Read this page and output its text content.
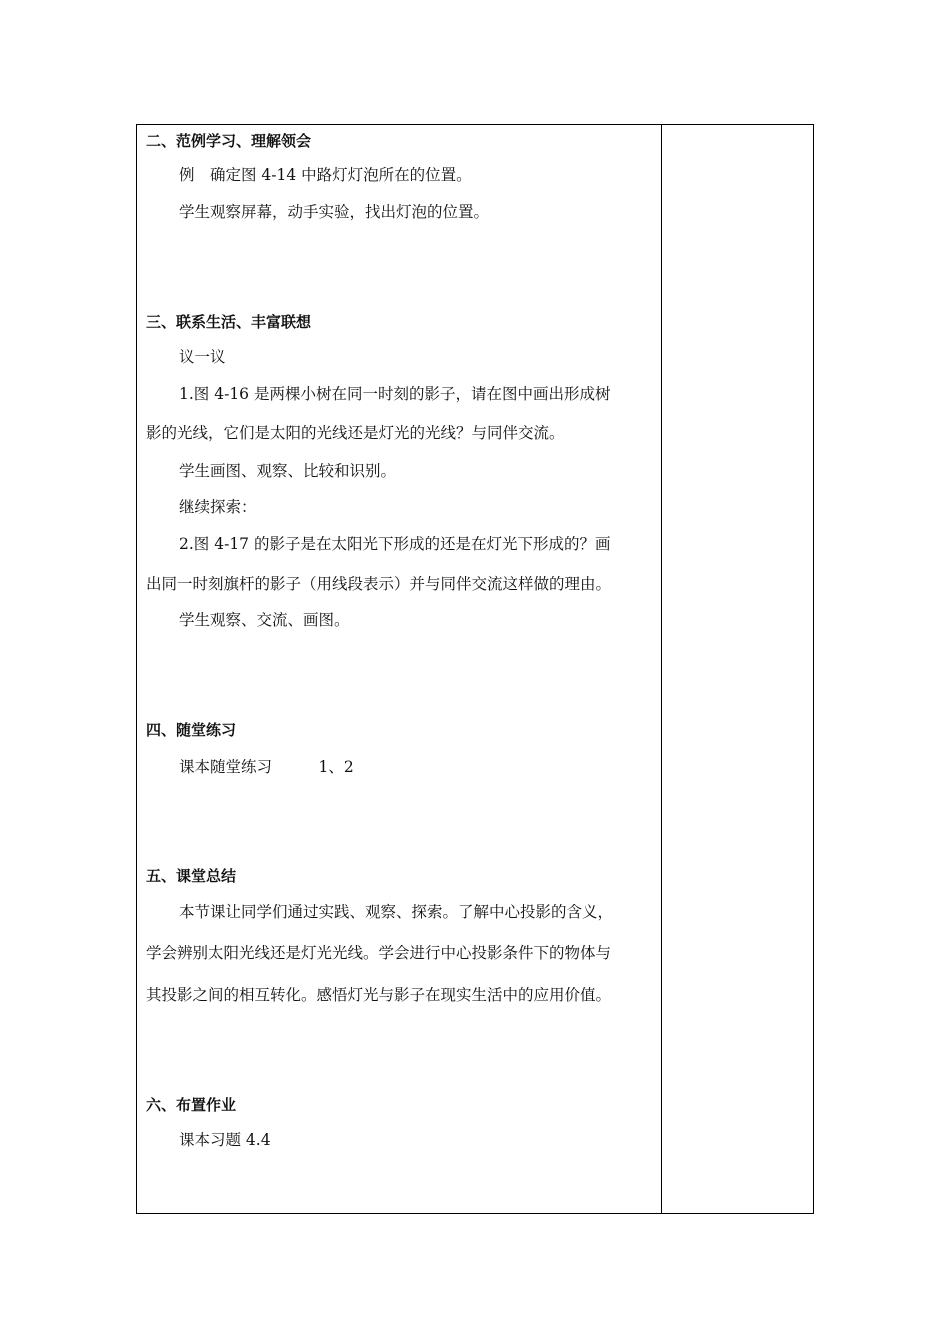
二、范例学习、理解领会
例　确定图 4-14 中路灯灯泡所在的位置。
学生观察屏幕，动手实验，找出灯泡的位置。
三、联系生活、丰富联想
议一议
1.图 4-16 是两棵小树在同一时刻的影子，请在图中画出形成树
影的光线，它们是太阳的光线还是灯光的光线？与同伴交流。
学生画图、观察、比较和识别。
继续探索：
2.图 4-17 的影子是在太阳光下形成的还是在灯光下形成的？画
出同一时刻旗杆的影子（用线段表示）并与同伴交流这样做的理由。
学生观察、交流、画图。
四、随堂练习
课本随堂练习　　　1、2
五、课堂总结
本节课让同学们通过实践、观察、探索。了解中心投影的含义，
学会辨别太阳光线还是灯光光线。学会进行中心投影条件下的物体与
其投影之间的相互转化。感悟灯光与影子在现实生活中的应用价值。
六、布置作业
课本习题 4.4
